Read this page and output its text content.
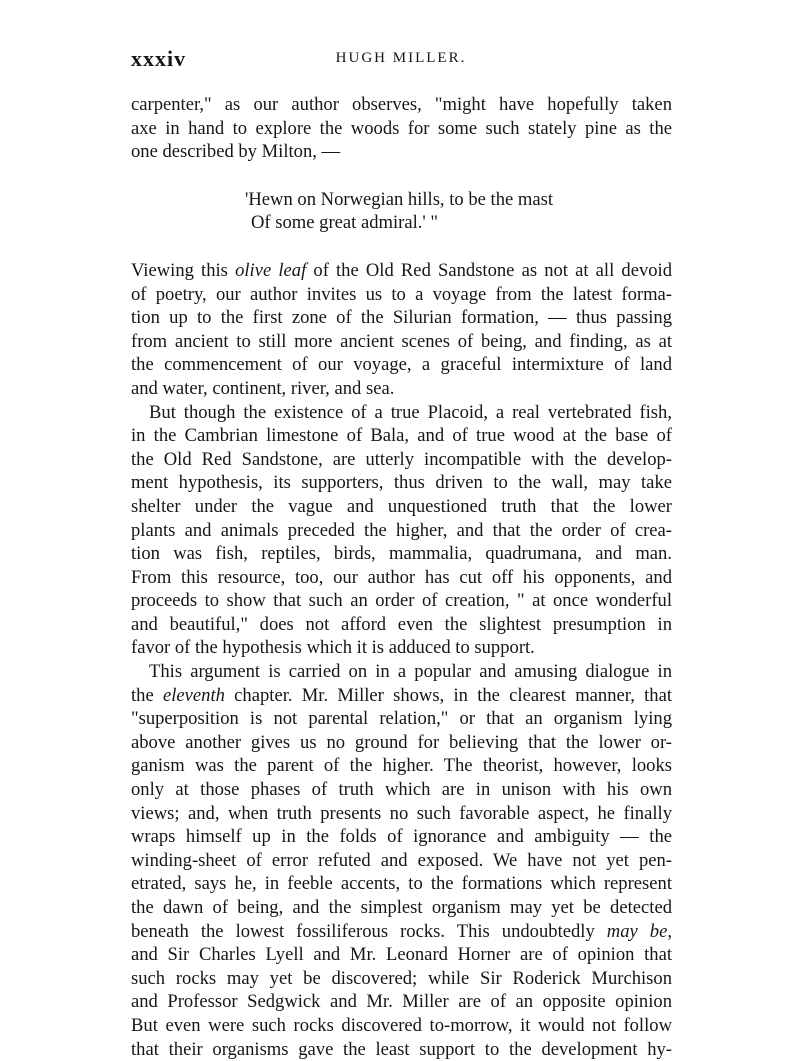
xxxiv	HUGH MILLER.
carpenter," as our author observes, "might have hopefully taken
axe in hand to explore the woods for some such stately pine as the
one described by Milton, —
'Hewn on Norwegian hills, to be the mast
Of some great admiral.' "
Viewing this olive leaf of the Old Red Sandstone as not at all devoid
of poetry, our author invites us to a voyage from the latest forma-
tion up to the first zone of the Silurian formation, — thus passing
from ancient to still more ancient scenes of being, and finding, as at
the commencement of our voyage, a graceful intermixture of land
and water, continent, river, and sea.
But though the existence of a true Placoid, a real vertebrated fish,
in the Cambrian limestone of Bala, and of true wood at the base of
the Old Red Sandstone, are utterly incompatible with the develop-
ment hypothesis, its supporters, thus driven to the wall, may take
shelter under the vague and unquestioned truth that the lower
plants and animals preceded the higher, and that the order of crea-
tion was fish, reptiles, birds, mammalia, quadrumana, and man.
From this resource, too, our author has cut off his opponents, and
proceeds to show that such an order of creation, " at once wonderful
and beautiful," does not afford even the slightest presumption in
favor of the hypothesis which it is adduced to support.
This argument is carried on in a popular and amusing dialogue in
the eleventh chapter. Mr. Miller shows, in the clearest manner, that
"superposition is not parental relation," or that an organism lying
above another gives us no ground for believing that the lower or-
ganism was the parent of the higher. The theorist, however, looks
only at those phases of truth which are in unison with his own
views; and, when truth presents no such favorable aspect, he finally
wraps himself up in the folds of ignorance and ambiguity — the
winding-sheet of error refuted and exposed. We have not yet pen-
etrated, says he, in feeble accents, to the formations which represent
the dawn of being, and the simplest organism may yet be detected
beneath the lowest fossiliferous rocks. This undoubtedly may be,
and Sir Charles Lyell and Mr. Leonard Horner are of opinion that
such rocks may yet be discovered; while Sir Roderick Murchison
and Professor Sedgwick and Mr. Miller are of an opposite opinion
But even were such rocks discovered to-morrow, it would not follow
that their organisms gave the least support to the development hy-
